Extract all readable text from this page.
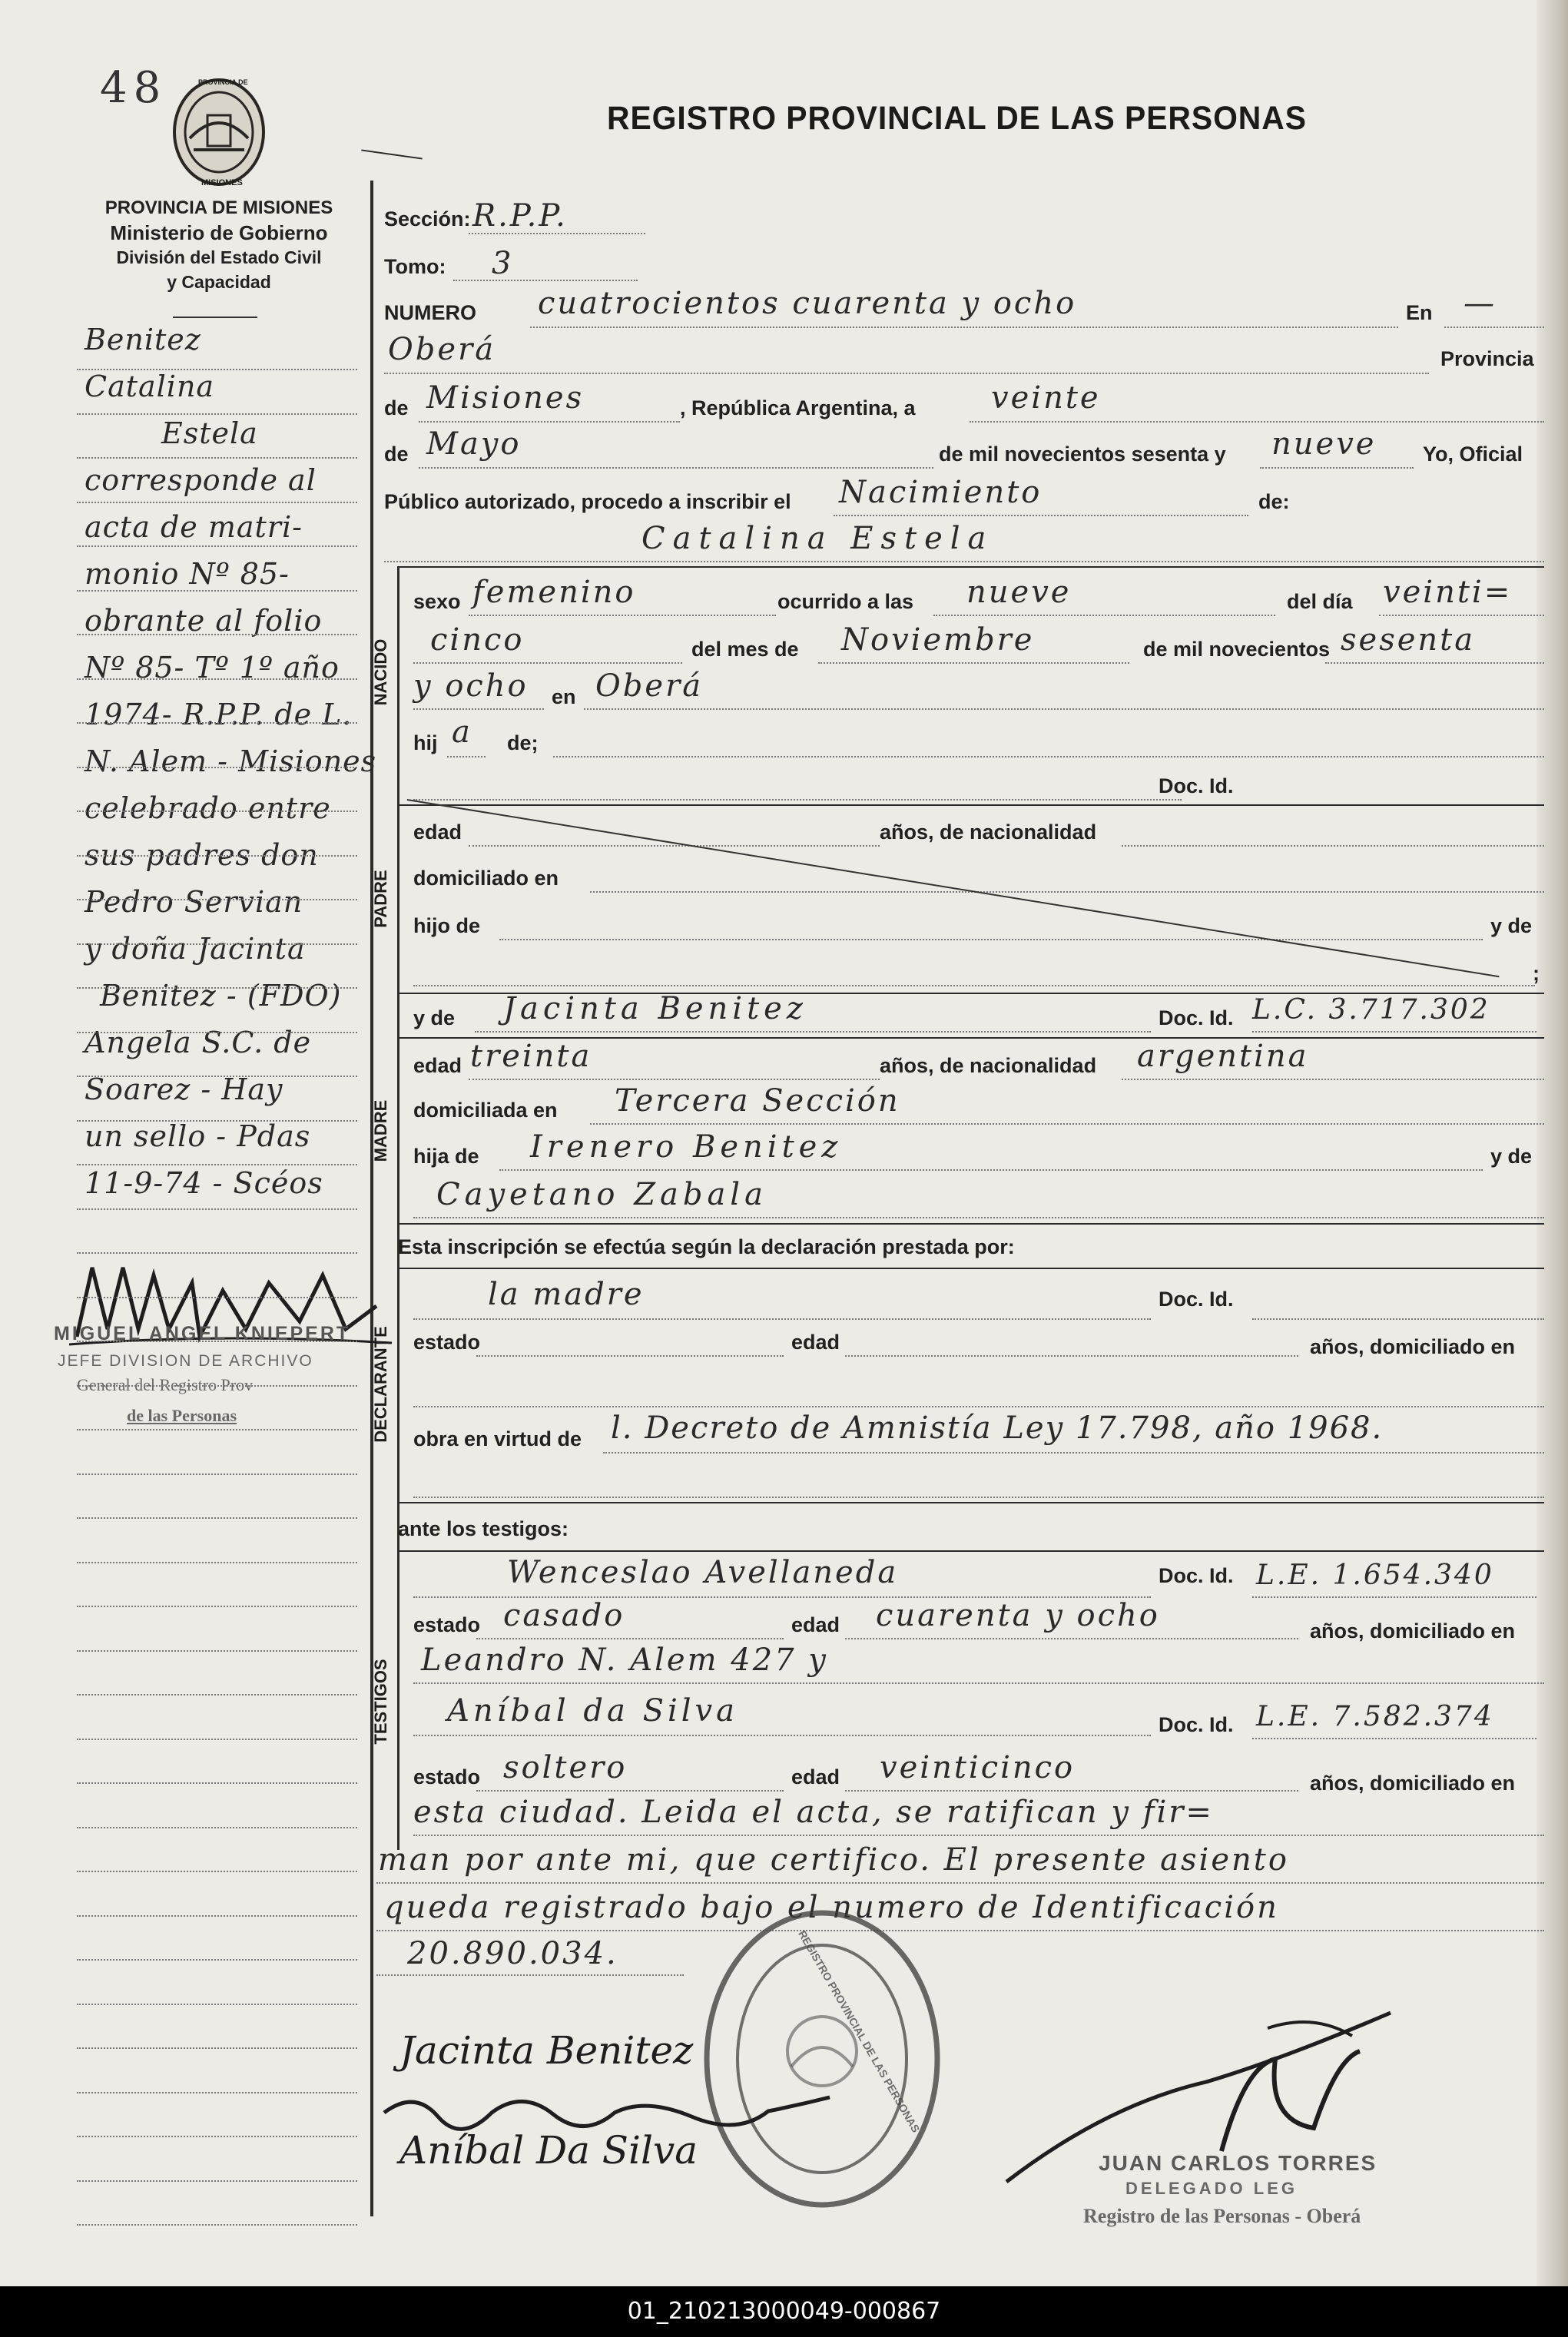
48	PROVINCIA DE
MISIONES
PROVINCIA DE MISIONES
Ministerio de Gobierno
División del Estado Civil
y Capacidad
REGISTRO PROVINCIAL DE LAS PERSONAS
Sección: R.P.P.
Tomo: 3
NUMERO cuatrocientos cuarenta y ocho	En —
Oberá	Provincia
de Misiones	, República Argentina, a veinte
de Mayo	de mil novecientos sesenta y nueve Yo, Oficial
Público autorizado, procedo a inscribir el Nacimiento	de:
Catalina Estela
NACIDO
sexo femenino	ocurrido a las nueve	del día veinti=
cinco	del mes de Noviembre	de mil novecientos sesenta
y ocho en Oberá
hij a de;
Doc. Id.
PADRE
edad	años, de nacionalidad
domiciliado en
hijo de	y de
;
y de Jacinta Benitez	Doc. Id. L.C. 3.717.302
MADRE
edad treinta	años, de nacionalidad argentina
domiciliada en Tercera Sección
hija de Irenero Benitez	y de
Cayetano Zabala
Esta inscripción se efectúa según la declaración prestada por:
DECLARANTE
la madre	Doc. Id.
estado	edad	años, domiciliado en
obra en virtud de l. Decreto de Amnistía Ley 17.798, año 1968.
ante los testigos:
TESTIGOS
Wenceslao Avellaneda	Doc. Id. L.E. 1.654.340
estado casado	edad cuarenta y ocho	años, domiciliado en
Leandro N. Alem 427 y
Aníbal da Silva	Doc. Id. L.E. 7.582.374
estado soltero	edad veinticinco	años, domiciliado en
esta ciudad. Leida el acta, se ratifican y fir=
man por ante mi, que certifico. El presente asiento
queda registrado bajo el numero de Identificación
20.890.034.	REGISTRO PROVINCIAL DE LAS PERSONAS
Jacinta Benitez
Aníbal Da Silva	JUAN CARLOS TORRES
DELEGADO LEG
Registro de las Personas - Oberá
Benitez
Catalina
Estela
corresponde al
acta de matri-
monio Nº 85-
obrante al folio
Nº 85- Tº 1º año
1974- R.P.P. de L.
N. Alem - Misiones
celebrado entre
sus padres don
Pedro Servian
y doña Jacinta
Benitez - (FDO)
Angela S.C. de
Soarez - Hay
un sello - Pdas
11-9-74 - Scéos
MIGUEL ANGEL KNIEPERT
JEFE DIVISION DE ARCHIVO
General del Registro Prov
de las Personas
01_210213000049-000867
